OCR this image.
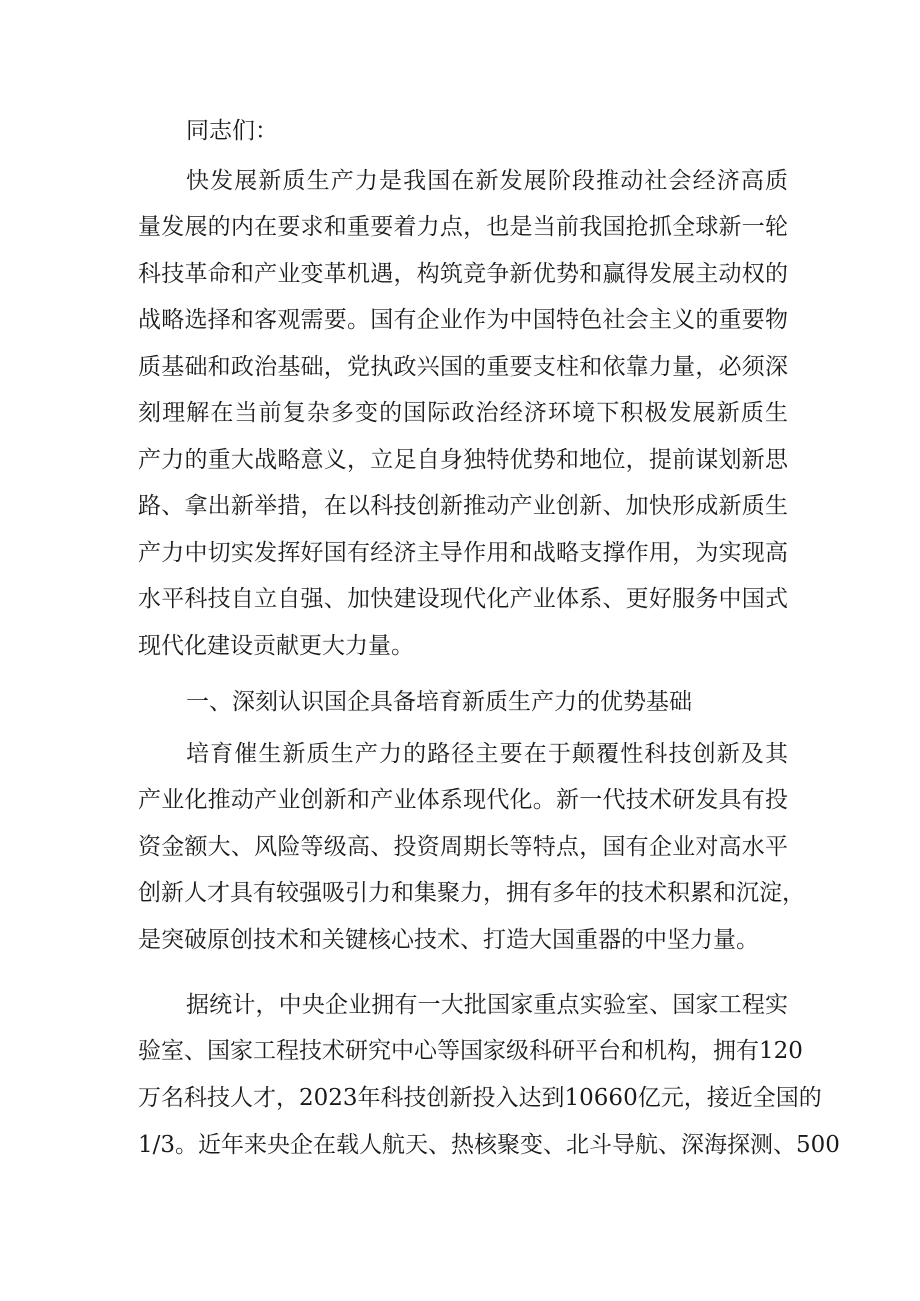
同志们：
快发展新质生产力是我国在新发展阶段推动社会经济高质
量发展的内在要求和重要着力点，也是当前我国抢抓全球新一轮
科技革命和产业变革机遇，构筑竞争新优势和赢得发展主动权的
战略选择和客观需要。国有企业作为中国特色社会主义的重要物
质基础和政治基础，党执政兴国的重要支柱和依靠力量，必须深
刻理解在当前复杂多变的国际政治经济环境下积极发展新质生
产力的重大战略意义，立足自身独特优势和地位，提前谋划新思
路、拿出新举措，在以科技创新推动产业创新、加快形成新质生
产力中切实发挥好国有经济主导作用和战略支撑作用，为实现高
水平科技自立自强、加快建设现代化产业体系、更好服务中国式
现代化建设贡献更大力量。
一、深刻认识国企具备培育新质生产力的优势基础
培育催生新质生产力的路径主要在于颠覆性科技创新及其
产业化推动产业创新和产业体系现代化。新一代技术研发具有投
资金额大、风险等级高、投资周期长等特点，国有企业对高水平
创新人才具有较强吸引力和集聚力，拥有多年的技术积累和沉淀，
是突破原创技术和关键核心技术、打造大国重器的中坚力量。
据统计，中央企业拥有一大批国家重点实验室、国家工程实
验室、国家工程技术研究中心等国家级科研平台和机构，拥有120
万名科技人才，2023年科技创新投入达到10660亿元，接近全国的
1/3。近年来央企在载人航天、热核聚变、北斗导航、深海探测、500
